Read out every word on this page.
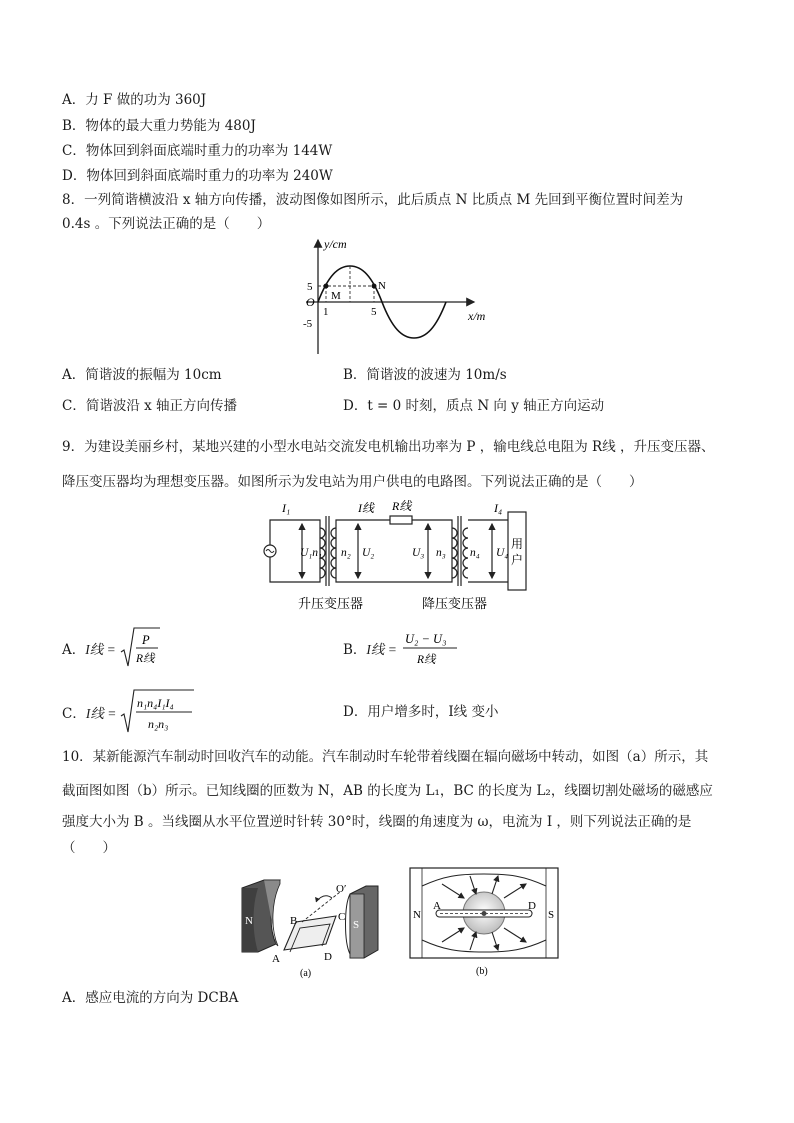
A．力 F 做的功为 360J
B．物体的最大重力势能为 480J
C．物体回到斜面底端时重力的功率为 144W
D．物体回到斜面底端时重力的功率为 240W
8．一列简谐横波沿 x 轴方向传播，波动图像如图所示，此后质点 N 比质点 M 先回到平衡位置时间差为
0.4s 。下列说法正确的是（　　）
y/cm
x/m
O
5
-5
1	5
M
N
A．简谐波的振幅为 10cm	B．简谐波的波速为 10m/s
C．简谐波沿 x 轴正方向传播	D．t = 0 时刻，质点 N 向 y 轴正方向运动
9．为建设美丽乡村，某地兴建的小型水电站交流发电机输出功率为 P ，输电线总电阻为 R线 ，升压变压器、
降压变压器均为理想变压器。如图所示为发电站为用户供电的电路图。下列说法正确的是（　　）
I₁	I线 R线	I₄
U₁n₁ n₂ U₂	U₃ n₃ n₄ U₄
用
户
升压变压器	降压变压器
A． I线 =
P
R线
B． I线 =
U₂ − U₃
R线
C． I线 =
n₁n₄I₁I₄
n₂n₃
D．用户增多时，I线 变小
10．某新能源汽车制动时回收汽车的动能。汽车制动时车轮带着线圈在辐向磁场中转动，如图（a）所示，其
截面图如图（b）所示。已知线圈的匝数为 N，AB 的长度为 L₁，BC 的长度为 L₂，线圈切割处磁场的磁感应
强度大小为 B 。当线圈从水平位置逆时针转 30°时，线圈的角速度为 ω，电流为 I ，则下列说法正确的是
（　　）
N	S
B	C
A	D
O′
(a)
N	S
A	D
(b)
A．感应电流的方向为 DCBA
